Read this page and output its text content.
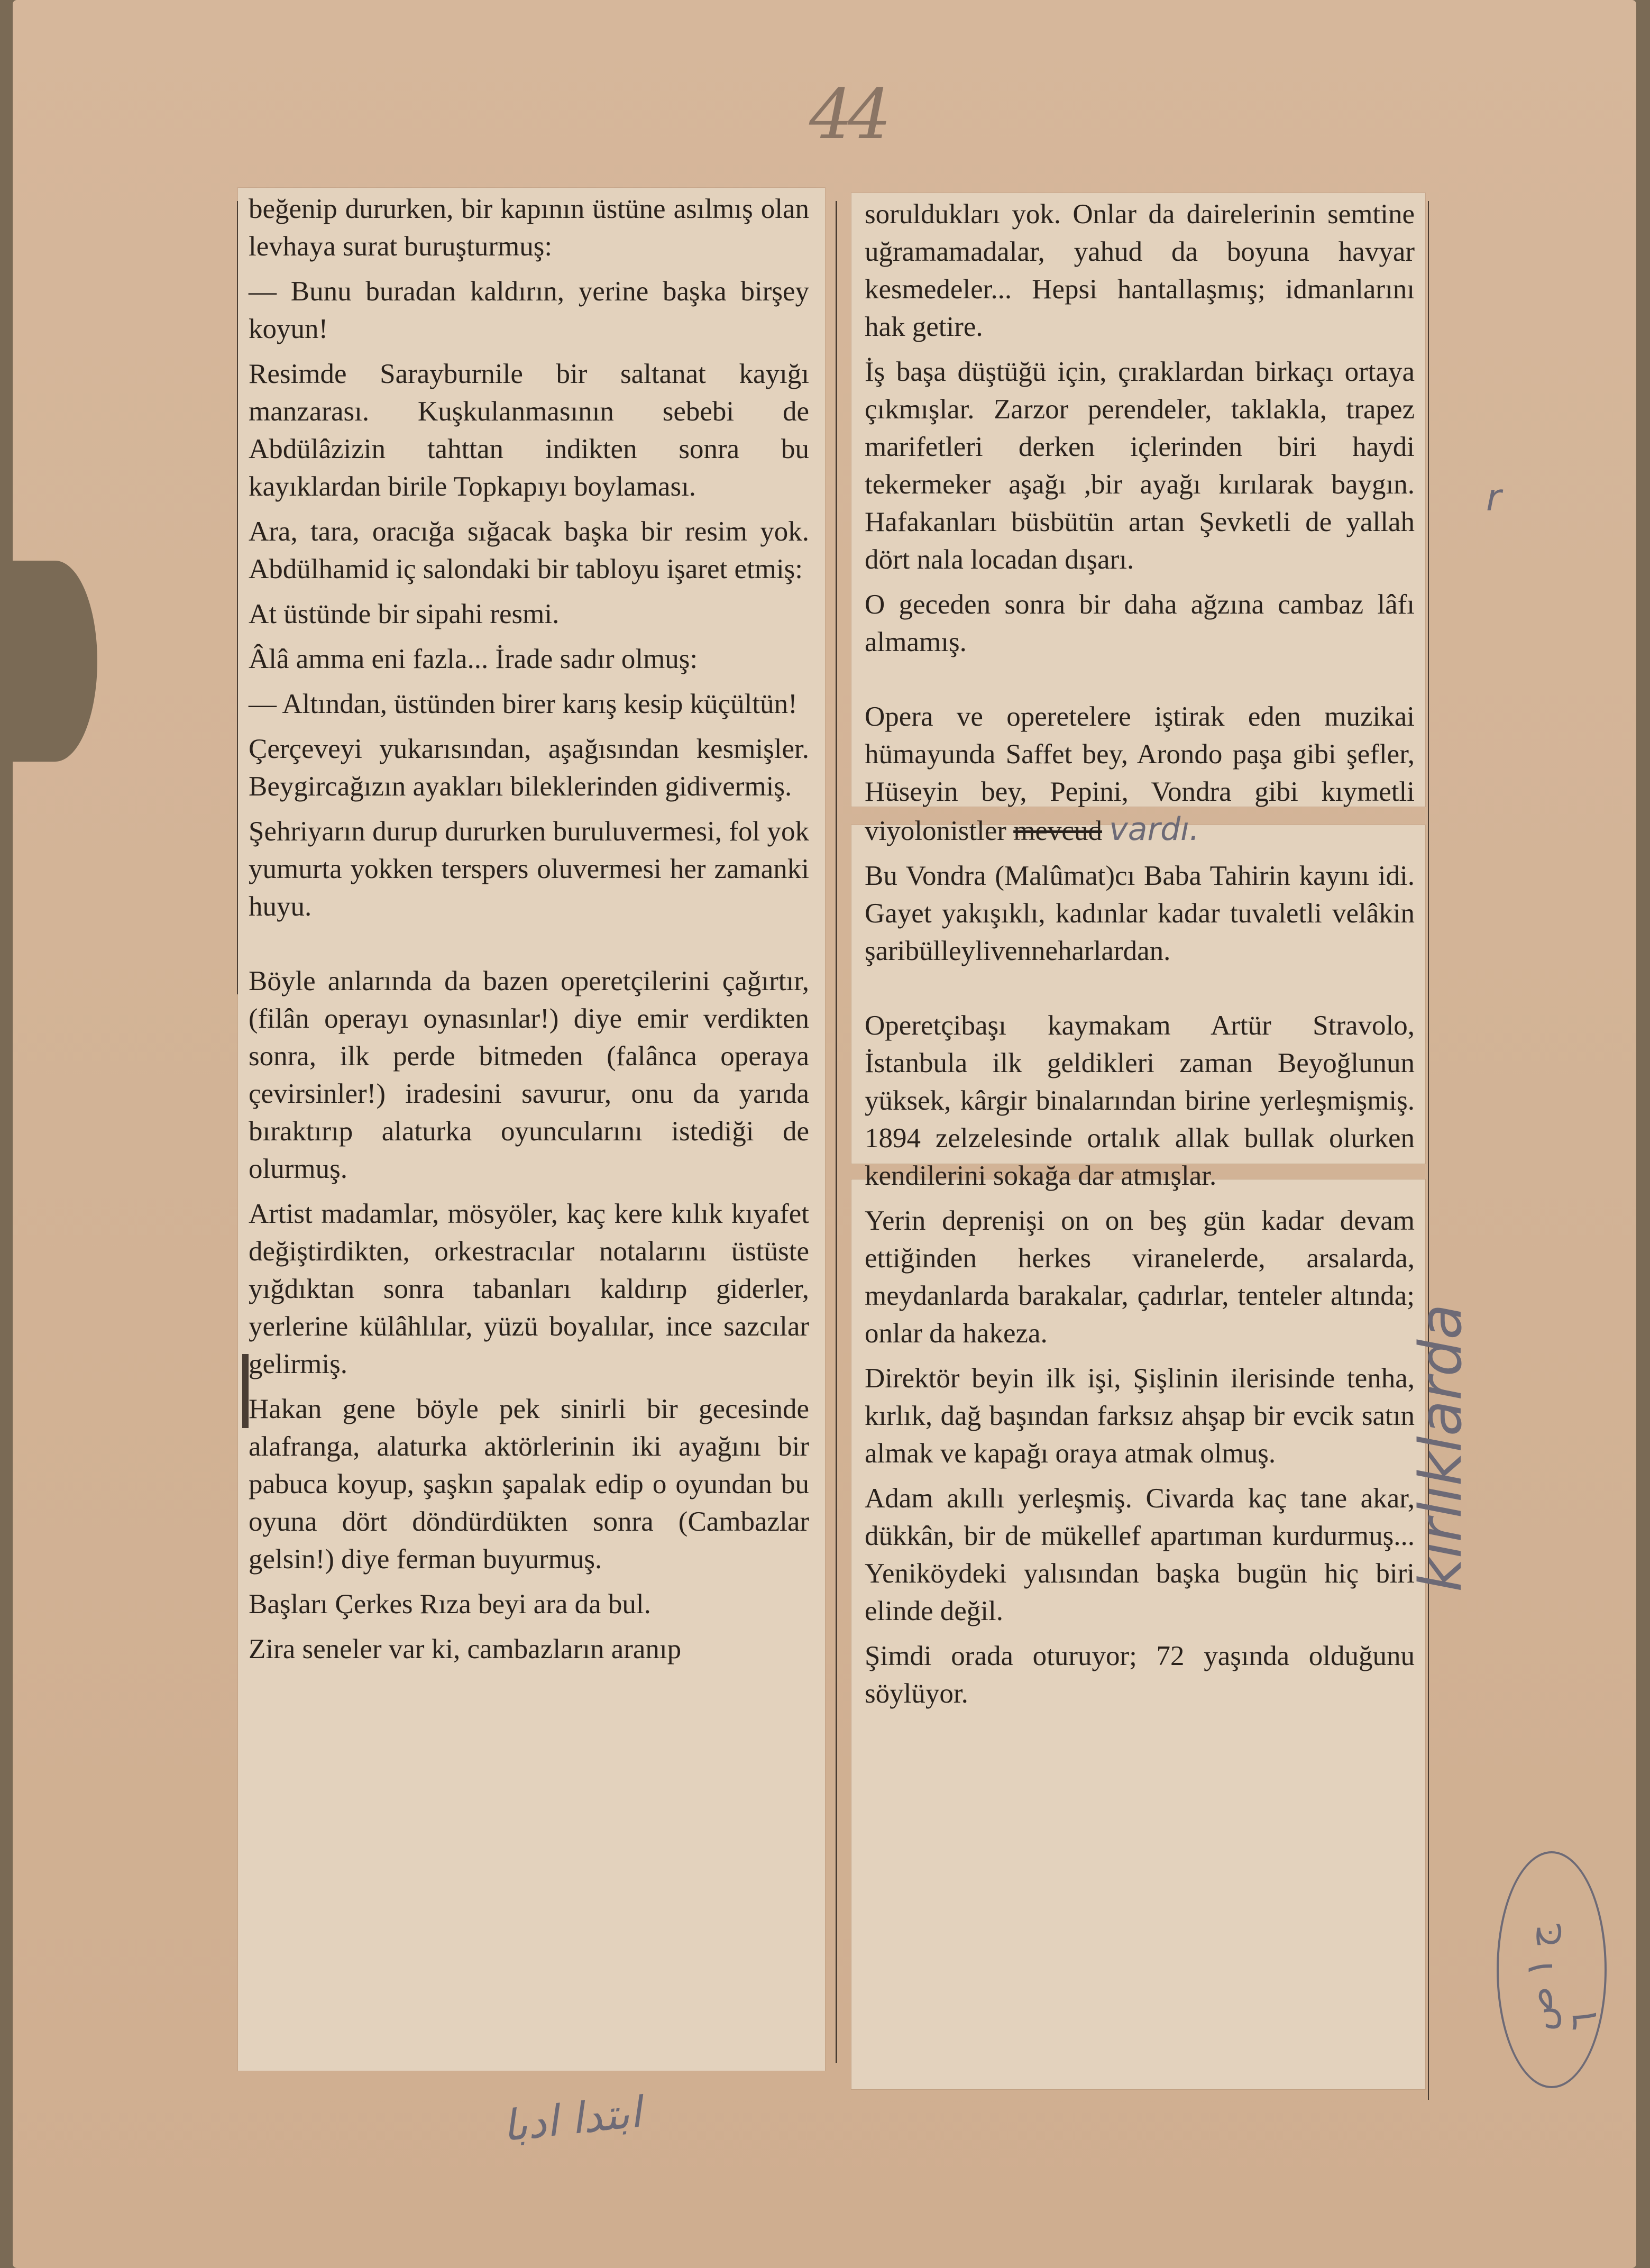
44

beğenip dururken, bir kapının üstüne asılmış olan levhaya surat buruşturmuş:

— Bunu buradan kaldırın, yerine başka birşey koyun!

Resimde Sarayburnile bir saltanat kayığı manzarası. Kuşkulanmasının sebebi de Abdülâzizin tahttan indikten sonra bu kayıklardan birile Topkapıyı boylaması.

Ara, tara, oracığa sığacak başka bir resim yok. Abdülhamid iç salondaki bir tabloyu işaret etmiş:

At üstünde bir sipahi resmi.

Âlâ amma eni fazla... İrade sadır olmuş:

— Altından, üstünden birer karış kesip küçültün!

Çerçeveyi yukarısından, aşağısından kesmişler. Beygircağızın ayakları bileklerinden gidivermiş.

Şehriyarın durup dururken buruluvermesi, fol yok yumurta yokken terspers oluvermesi her zamanki huyu.

Böyle anlarında da bazen operetçilerini çağırtır, (filân operayı oynasınlar!) diye emir verdikten sonra, ilk perde bitmeden (falânca operaya çevirsinler!) iradesini savurur, onu da yarıda bıraktırıp alaturka oyuncularını istediği de olurmuş.

Artist madamlar, mösyöler, kaç kere kılık kıyafet değiştirdikten, orkestracılar notalarını üstüste yığdıktan sonra tabanları kaldırıp giderler, yerlerine külâhlılar, yüzü boyalılar, ince sazcılar gelirmiş.

Hakan gene böyle pek sinirli bir gecesinde alafranga, alaturka aktörlerinin iki ayağını bir pabuca koyup, şaşkın şapalak edip o oyundan bu oyuna dört döndürdükten sonra (Cambazlar gelsin!) diye ferman buyurmuş.

Başları Çerkes Rıza beyi ara da bul.

Zira seneler var ki, cambazların aranıp

soruldukları yok. Onlar da dairelerinin semtine uğramamadalar, yahud da boyuna havyar kesmedeler... Hepsi hantallaşmış; idmanlarını hak getire.

İş başa düştüğü için, çıraklardan birkaçı ortaya çıkmışlar. Zarzor perendeler, taklakla, trapez marifetleri derken içlerinden biri haydi tekermeker aşağı ,bir ayağı kırılarak baygın. Hafakanları büsbütün artan Şevketli de yallah dört nala locadan dışarı.

O geceden sonra bir daha ağzına cambaz lâfı almamış.

Opera ve operetelere iştirak eden muzikai hümayunda Saffet bey, Arondo paşa gibi şefler, Hüseyin bey, Pepini, Vondra gibi kıymetli viyolonistler mevcud vardı.

Bu Vondra (Malûmat)cı Baba Tahirin kayını idi. Gayet yakışıklı, kadınlar kadar tuvaletli velâkin şaribülleylivenneharlardan.

Operetçibaşı kaymakam Artür Stravolo, İstanbula ilk geldikleri zaman Beyoğlunun yüksek, kârgir binalarından birine yerleşmişmiş. 1894 zelzelesinde ortalık allak bullak olurken kendilerini sokağa dar atmışlar.

Yerin deprenişi on on beş gün kadar devam ettiğinden herkes viranelerde, arsalarda, meydanlarda barakalar, çadırlar, tenteler altında; onlar da hakeza.

Direktör beyin ilk işi, Şişlinin ilerisinde tenha, kırlık, dağ başından farksız ahşap bir evcik satın almak ve kapağı oraya atmak olmuş.

Adam akıllı yerleşmiş. Civarda kaç tane akar, dükkân, bir de mükellef apartıman kurdurmuş... Yeniköydeki yalısından başka bugün hiç biri elinde değil.

Şimdi orada oturuyor; 72 yaşında olduğunu söylüyor.

r
kırlıklarda
ج ١ ص ٦
ابتدا ادبا
